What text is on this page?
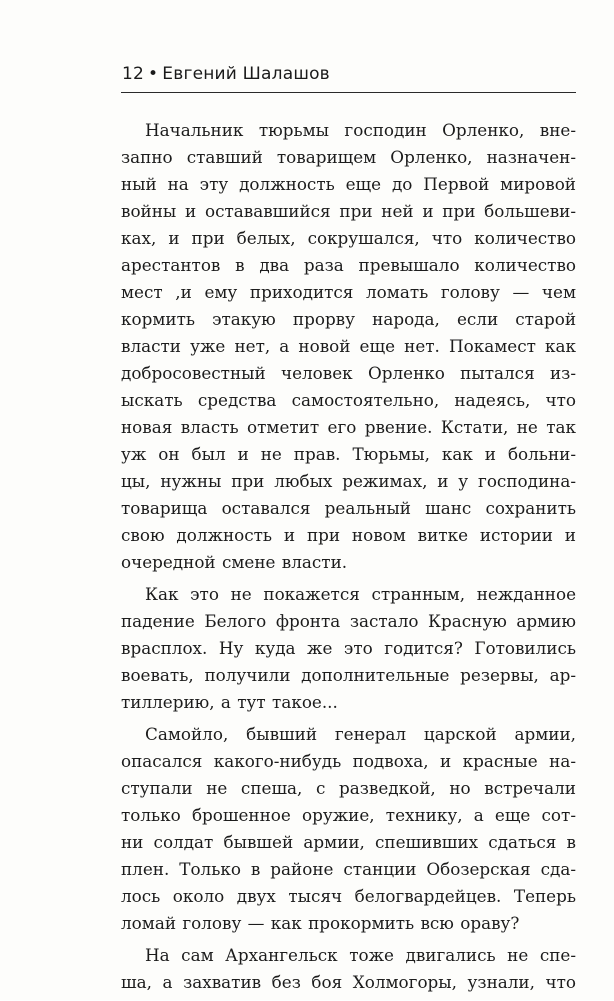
12 • Евгений Шалашов
Начальник тюрьмы господин Орленко, вне-
запно ставший товарищем Орленко, назначен-
ный на эту должность еще до Первой мировой
войны и остававшийся при ней и при большеви-
ках, и при белых, сокрушался, что количество
арестантов в два раза превышало количество
мест ,и ему приходится ломать голову — чем
кормить этакую прорву народа, если старой
власти уже нет, а новой еще нет. Покамест как
добросовестный человек Орленко пытался из-
ыскать средства самостоятельно, надеясь, что
новая власть отметит его рвение. Кстати, не так
уж он был и не прав. Тюрьмы, как и больни-
цы, нужны при любых режимах, и у господина-
товарища оставался реальный шанс сохранить
свою должность и при новом витке истории и
очередной смене власти.
Как это не покажется странным, нежданное
падение Белого фронта застало Красную армию
врасплох. Ну куда же это годится? Готовились
воевать, получили дополнительные резервы, ар-
тиллерию, а тут такое...
Самойло, бывший генерал царской армии,
опасался какого-нибудь подвоха, и красные на-
ступали не спеша, с разведкой, но встречали
только брошенное оружие, технику, а еще сот-
ни солдат бывшей армии, спешивших сдаться в
плен. Только в районе станции Обозерская сда-
лось около двух тысяч белогвардейцев. Теперь
ломай голову — как прокормить всю ораву?
На сам Архангельск тоже двигались не спе-
ша, а захватив без боя Холмогоры, узнали, что
